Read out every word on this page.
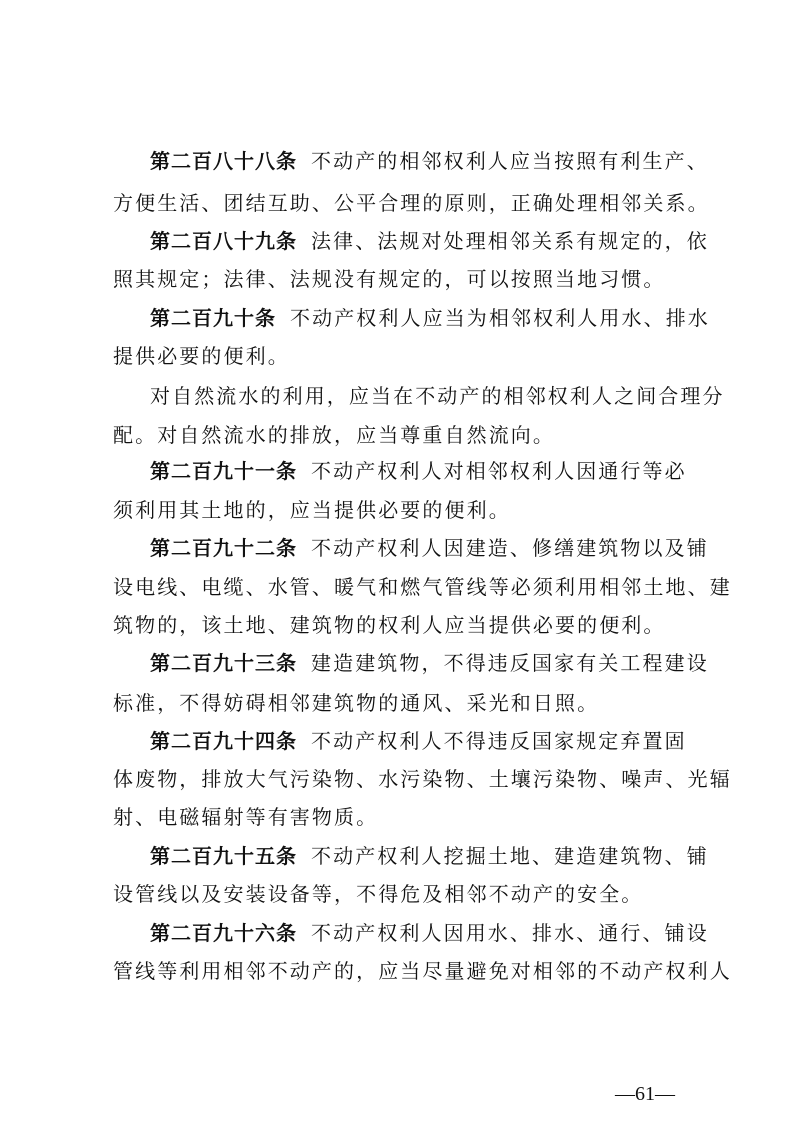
第二百八十八条 不动产的相邻权利人应当按照有利生产、
方便生活、团结互助、公平合理的原则，正确处理相邻关系。
第二百八十九条 法律、法规对处理相邻关系有规定的，依
照其规定；法律、法规没有规定的，可以按照当地习惯。
第二百九十条 不动产权利人应当为相邻权利人用水、排水
提供必要的便利。
对自然流水的利用，应当在不动产的相邻权利人之间合理分
配。对自然流水的排放，应当尊重自然流向。
第二百九十一条 不动产权利人对相邻权利人因通行等必
须利用其土地的，应当提供必要的便利。
第二百九十二条 不动产权利人因建造、修缮建筑物以及铺
设电线、电缆、水管、暖气和燃气管线等必须利用相邻土地、建
筑物的，该土地、建筑物的权利人应当提供必要的便利。
第二百九十三条 建造建筑物，不得违反国家有关工程建设
标准，不得妨碍相邻建筑物的通风、采光和日照。
第二百九十四条 不动产权利人不得违反国家规定弃置固
体废物，排放大气污染物、水污染物、土壤污染物、噪声、光辐
射、电磁辐射等有害物质。
第二百九十五条 不动产权利人挖掘土地、建造建筑物、铺
设管线以及安装设备等，不得危及相邻不动产的安全。
第二百九十六条 不动产权利人因用水、排水、通行、铺设
管线等利用相邻不动产的，应当尽量避免对相邻的不动产权利人
—61—
